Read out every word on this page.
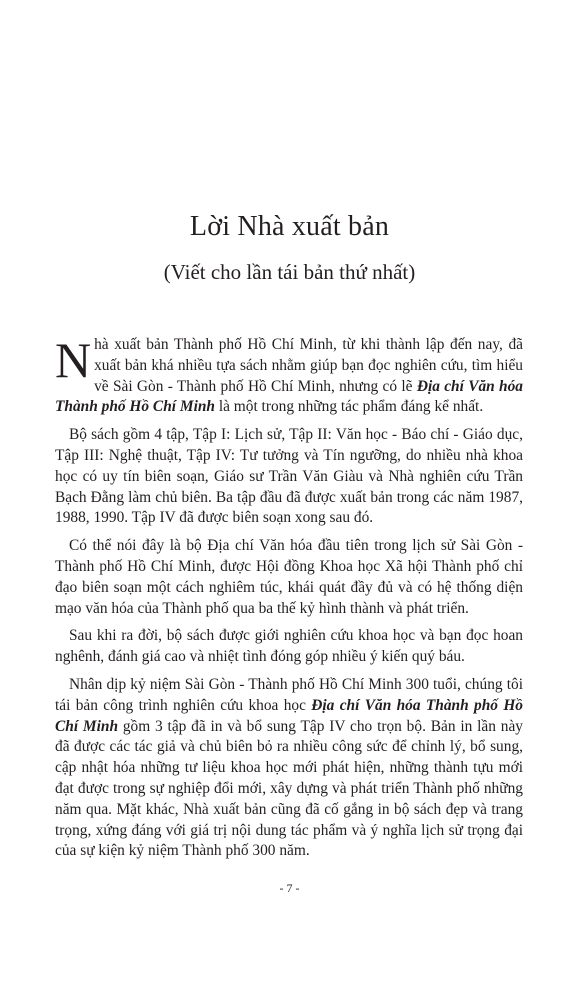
Lời Nhà xuất bản
(Viết cho lần tái bản thứ nhất)

Nhà xuất bản Thành phố Hồ Chí Minh, từ khi thành lập đến nay, đã xuất bản khá nhiều tựa sách nhằm giúp bạn đọc nghiên cứu, tìm hiểu về Sài Gòn - Thành phố Hồ Chí Minh, nhưng có lẽ Địa chí Văn hóa Thành phố Hồ Chí Minh là một trong những tác phẩm đáng kể nhất.

Bộ sách gồm 4 tập, Tập I: Lịch sử, Tập II: Văn học - Báo chí - Giáo dục, Tập III: Nghệ thuật, Tập IV: Tư tưởng và Tín ngưỡng, do nhiều nhà khoa học có uy tín biên soạn, Giáo sư Trần Văn Giàu và Nhà nghiên cứu Trần Bạch Đằng làm chủ biên. Ba tập đầu đã được xuất bản trong các năm 1987, 1988, 1990. Tập IV đã được biên soạn xong sau đó.

Có thể nói đây là bộ Địa chí Văn hóa đầu tiên trong lịch sử Sài Gòn - Thành phố Hồ Chí Minh, được Hội đồng Khoa học Xã hội Thành phố chỉ đạo biên soạn một cách nghiêm túc, khái quát đầy đủ và có hệ thống diện mạo văn hóa của Thành phố qua ba thế kỷ hình thành và phát triển.

Sau khi ra đời, bộ sách được giới nghiên cứu khoa học và bạn đọc hoan nghênh, đánh giá cao và nhiệt tình đóng góp nhiều ý kiến quý báu.

Nhân dịp kỷ niệm Sài Gòn - Thành phố Hồ Chí Minh 300 tuổi, chúng tôi tái bản công trình nghiên cứu khoa học Địa chí Văn hóa Thành phố Hồ Chí Minh gồm 3 tập đã in và bổ sung Tập IV cho trọn bộ. Bản in lần này đã được các tác giả và chủ biên bỏ ra nhiều công sức để chỉnh lý, bổ sung, cập nhật hóa những tư liệu khoa học mới phát hiện, những thành tựu mới đạt được trong sự nghiệp đổi mới, xây dựng và phát triển Thành phố những năm qua. Mặt khác, Nhà xuất bản cũng đã cố gắng in bộ sách đẹp và trang trọng, xứng đáng với giá trị nội dung tác phẩm và ý nghĩa lịch sử trọng đại của sự kiện kỷ niệm Thành phố 300 năm.

- 7 -
